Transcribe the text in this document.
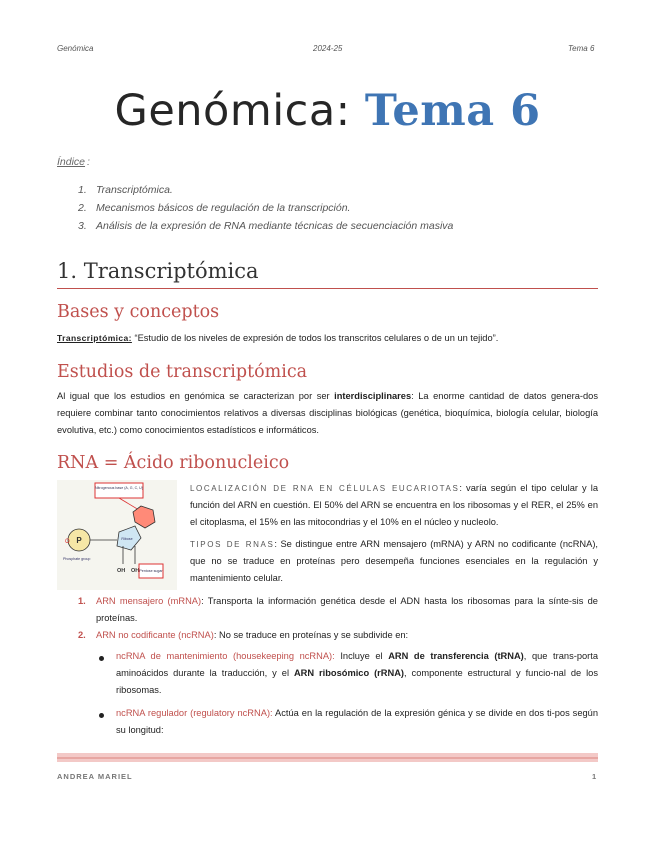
Genómica	2024-25	Tema 6
Genómica: Tema 6
Índice :
1. Transcriptómica.
2. Mecanismos básicos de regulación de la transcripción.
3. Análisis de la expresión de RNA mediante técnicas de secuenciación masiva
1. Transcriptómica
Bases y conceptos
Transcriptómica: “Estudio de los niveles de expresión de todos los transcritos celulares o de un un tejido”.
Estudios de transcriptómica
Al igual que los estudios en genómica se caracterizan por ser interdisciplinares: La enorme cantidad de datos genera-dos requiere combinar tanto conocimientos relativos a diversas disciplinas biológicas (genética, bioquímica, biología celular, biología evolutiva, etc.) como conocimientos estadísticos e informáticos.
RNA = Ácido ribonucleico
Nitrogenous base (A, G, C, U)
Ribose
P
O
Phosphate group
OH OH Pentose sugar
LOCALIZACIÓN DE RNA EN CÉLULAS EUCARIOTAS: varía según el tipo celular y la función del ARN en cuestión. El 50% del ARN se encuentra en los ribosomas y el RER, el 25% en el citoplasma, el 15% en las mitocondrias y el 10% en el núcleo y nucleolo.
TIPOS DE RNAS: Se distingue entre ARN mensajero (mRNA) y ARN no codificante (ncRNA), que no se traduce en proteínas pero desempeña funciones esenciales en la regulación y mantenimiento celular.
1. ARN mensajero (mRNA): Transporta la información genética desde el ADN hasta los ribosomas para la sínte-sis de proteínas.
2. ARN no codificante (ncRNA): No se traduce en proteínas y se subdivide en:
ncRNA de mantenimiento (housekeeping ncRNA): Incluye el ARN de transferencia (tRNA), que trans-porta aminoácidos durante la traducción, y el ARN ribosómico (rRNA), componente estructural y funcio-nal de los ribosomas.
ncRNA regulador (regulatory ncRNA): Actúa en la regulación de la expresión génica y se divide en dos ti-pos según su longitud:
ANDREA MARIEL	1
